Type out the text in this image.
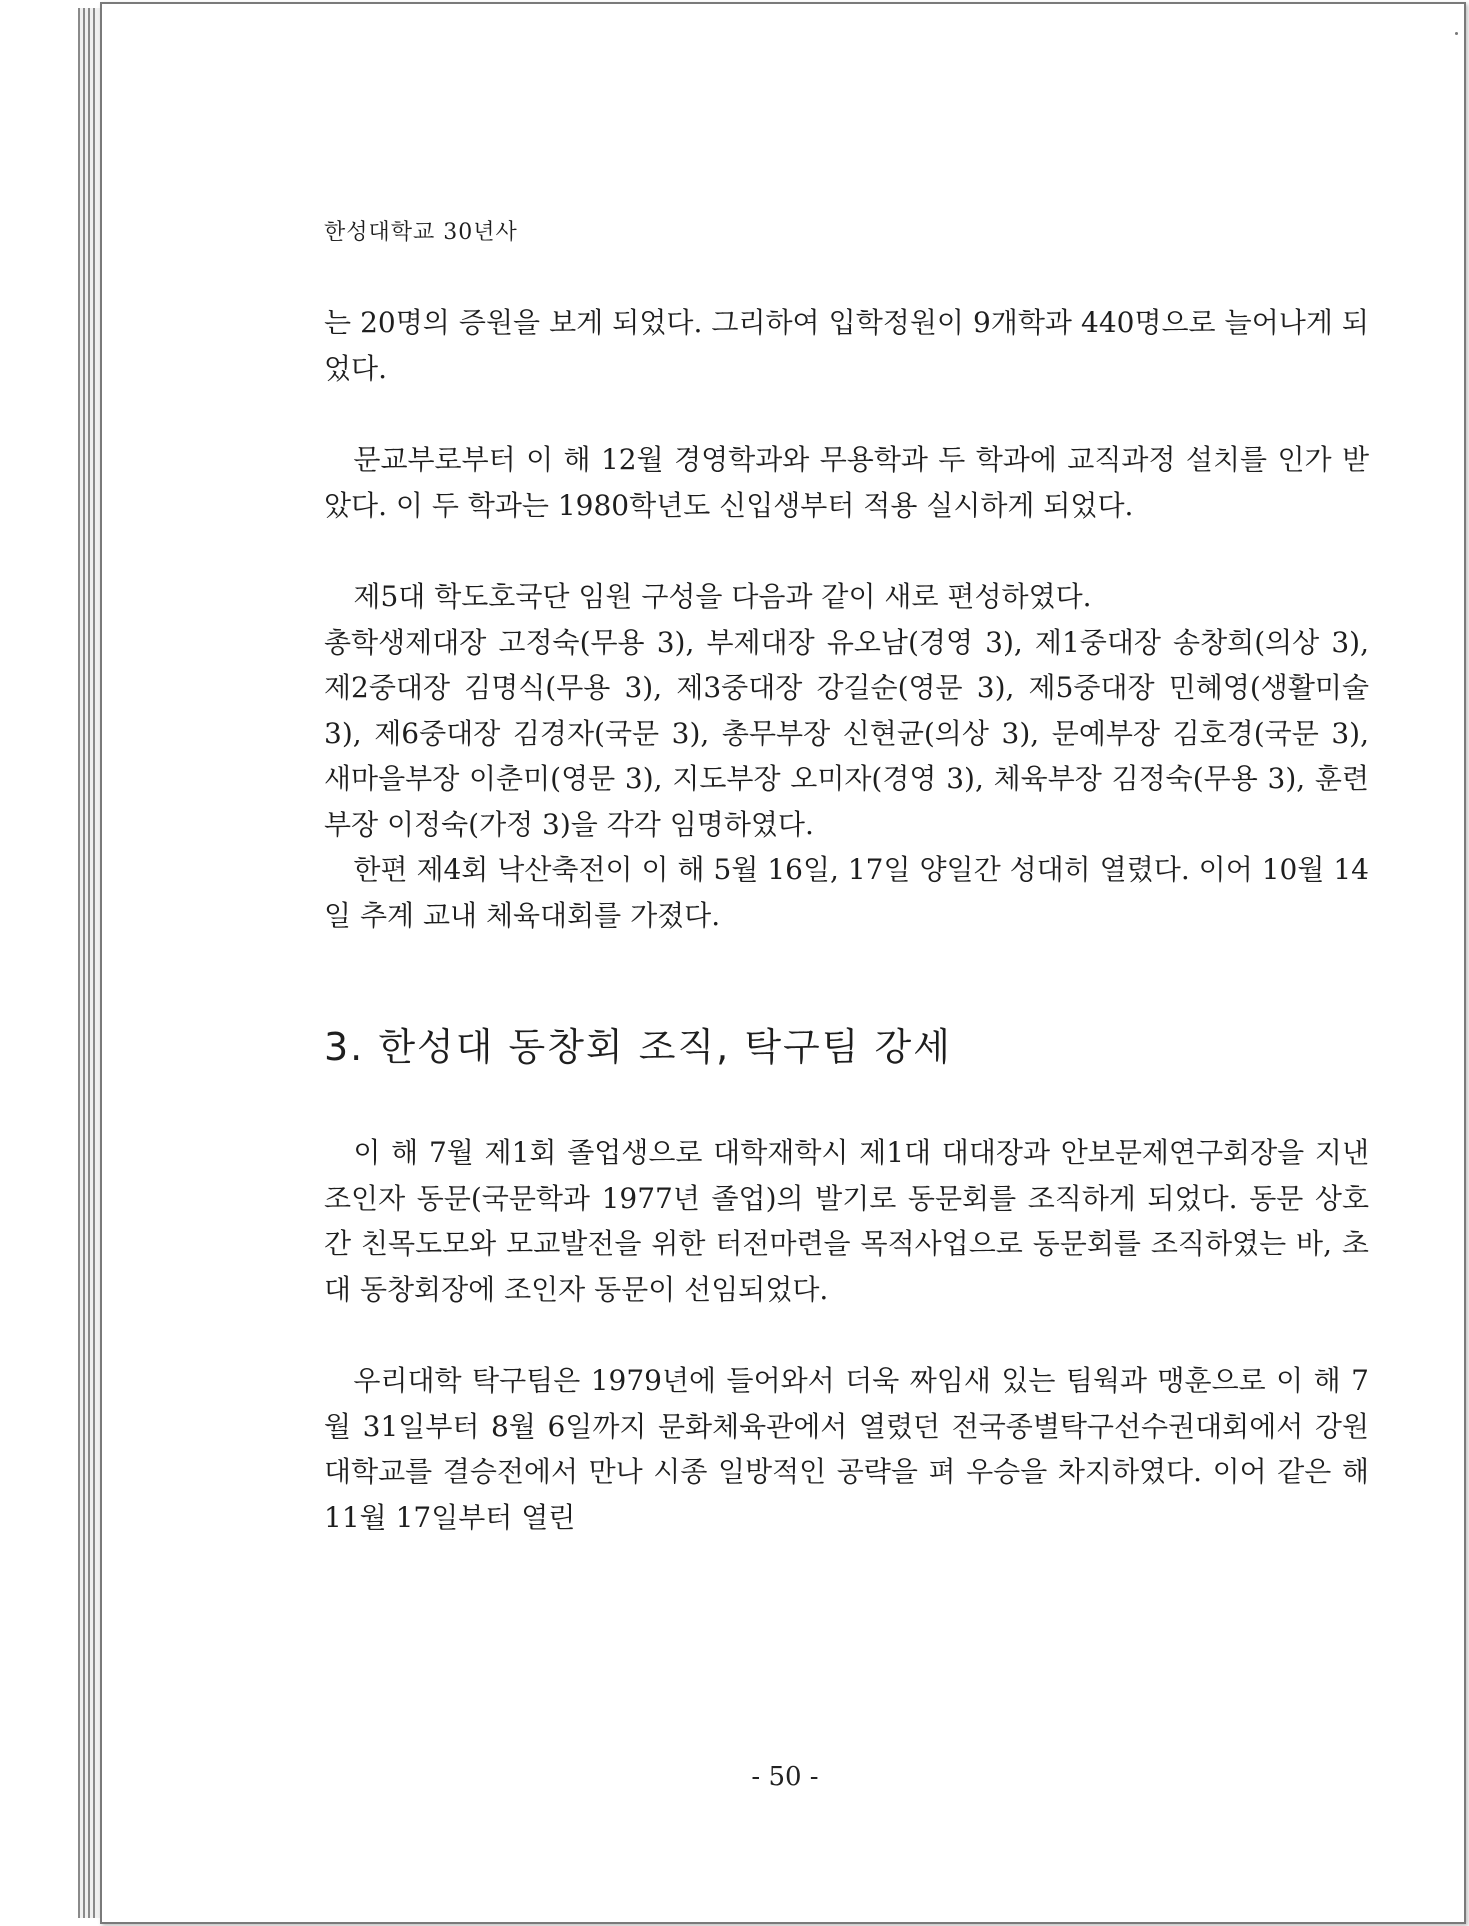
한성대학교 30년사

는 20명의 증원을 보게 되었다. 그리하여 입학정원이 9개학과 440명으로 늘어나게 되었다.

문교부로부터 이 해 12월 경영학과와 무용학과 두 학과에 교직과정 설치를 인가 받았다. 이 두 학과는 1980학년도 신입생부터 적용 실시하게 되었다.

제5대 학도호국단 임원 구성을 다음과 같이 새로 편성하였다.

총학생제대장 고정숙(무용 3), 부제대장 유오남(경영 3), 제1중대장 송창희(의상 3), 제2중대장 김명식(무용 3), 제3중대장 강길순(영문 3), 제5중대장 민혜영(생활미술 3), 제6중대장 김경자(국문 3), 총무부장 신현균(의상 3), 문예부장 김호경(국문 3), 새마을부장 이춘미(영문 3), 지도부장 오미자(경영 3), 체육부장 김정숙(무용 3), 훈련부장 이정숙(가정 3)을 각각 임명하였다.

한편 제4회 낙산축전이 이 해 5월 16일, 17일 양일간 성대히 열렸다. 이어 10월 14일 추계 교내 체육대회를 가졌다.

3. 한성대 동창회 조직, 탁구팀 강세

이 해 7월 제1회 졸업생으로 대학재학시 제1대 대대장과 안보문제연구회장을 지낸 조인자 동문(국문학과 1977년 졸업)의 발기로 동문회를 조직하게 되었다. 동문 상호간 친목도모와 모교발전을 위한 터전마련을 목적사업으로 동문회를 조직하였는 바, 초대 동창회장에 조인자 동문이 선임되었다.

우리대학 탁구팀은 1979년에 들어와서 더욱 짜임새 있는 팀웍과 맹훈으로 이 해 7월 31일부터 8월 6일까지 문화체육관에서 열렸던 전국종별탁구선수권대회에서 강원대학교를 결승전에서 만나 시종 일방적인 공략을 펴 우승을 차지하였다. 이어 같은 해 11월 17일부터 열린

- 50 -
